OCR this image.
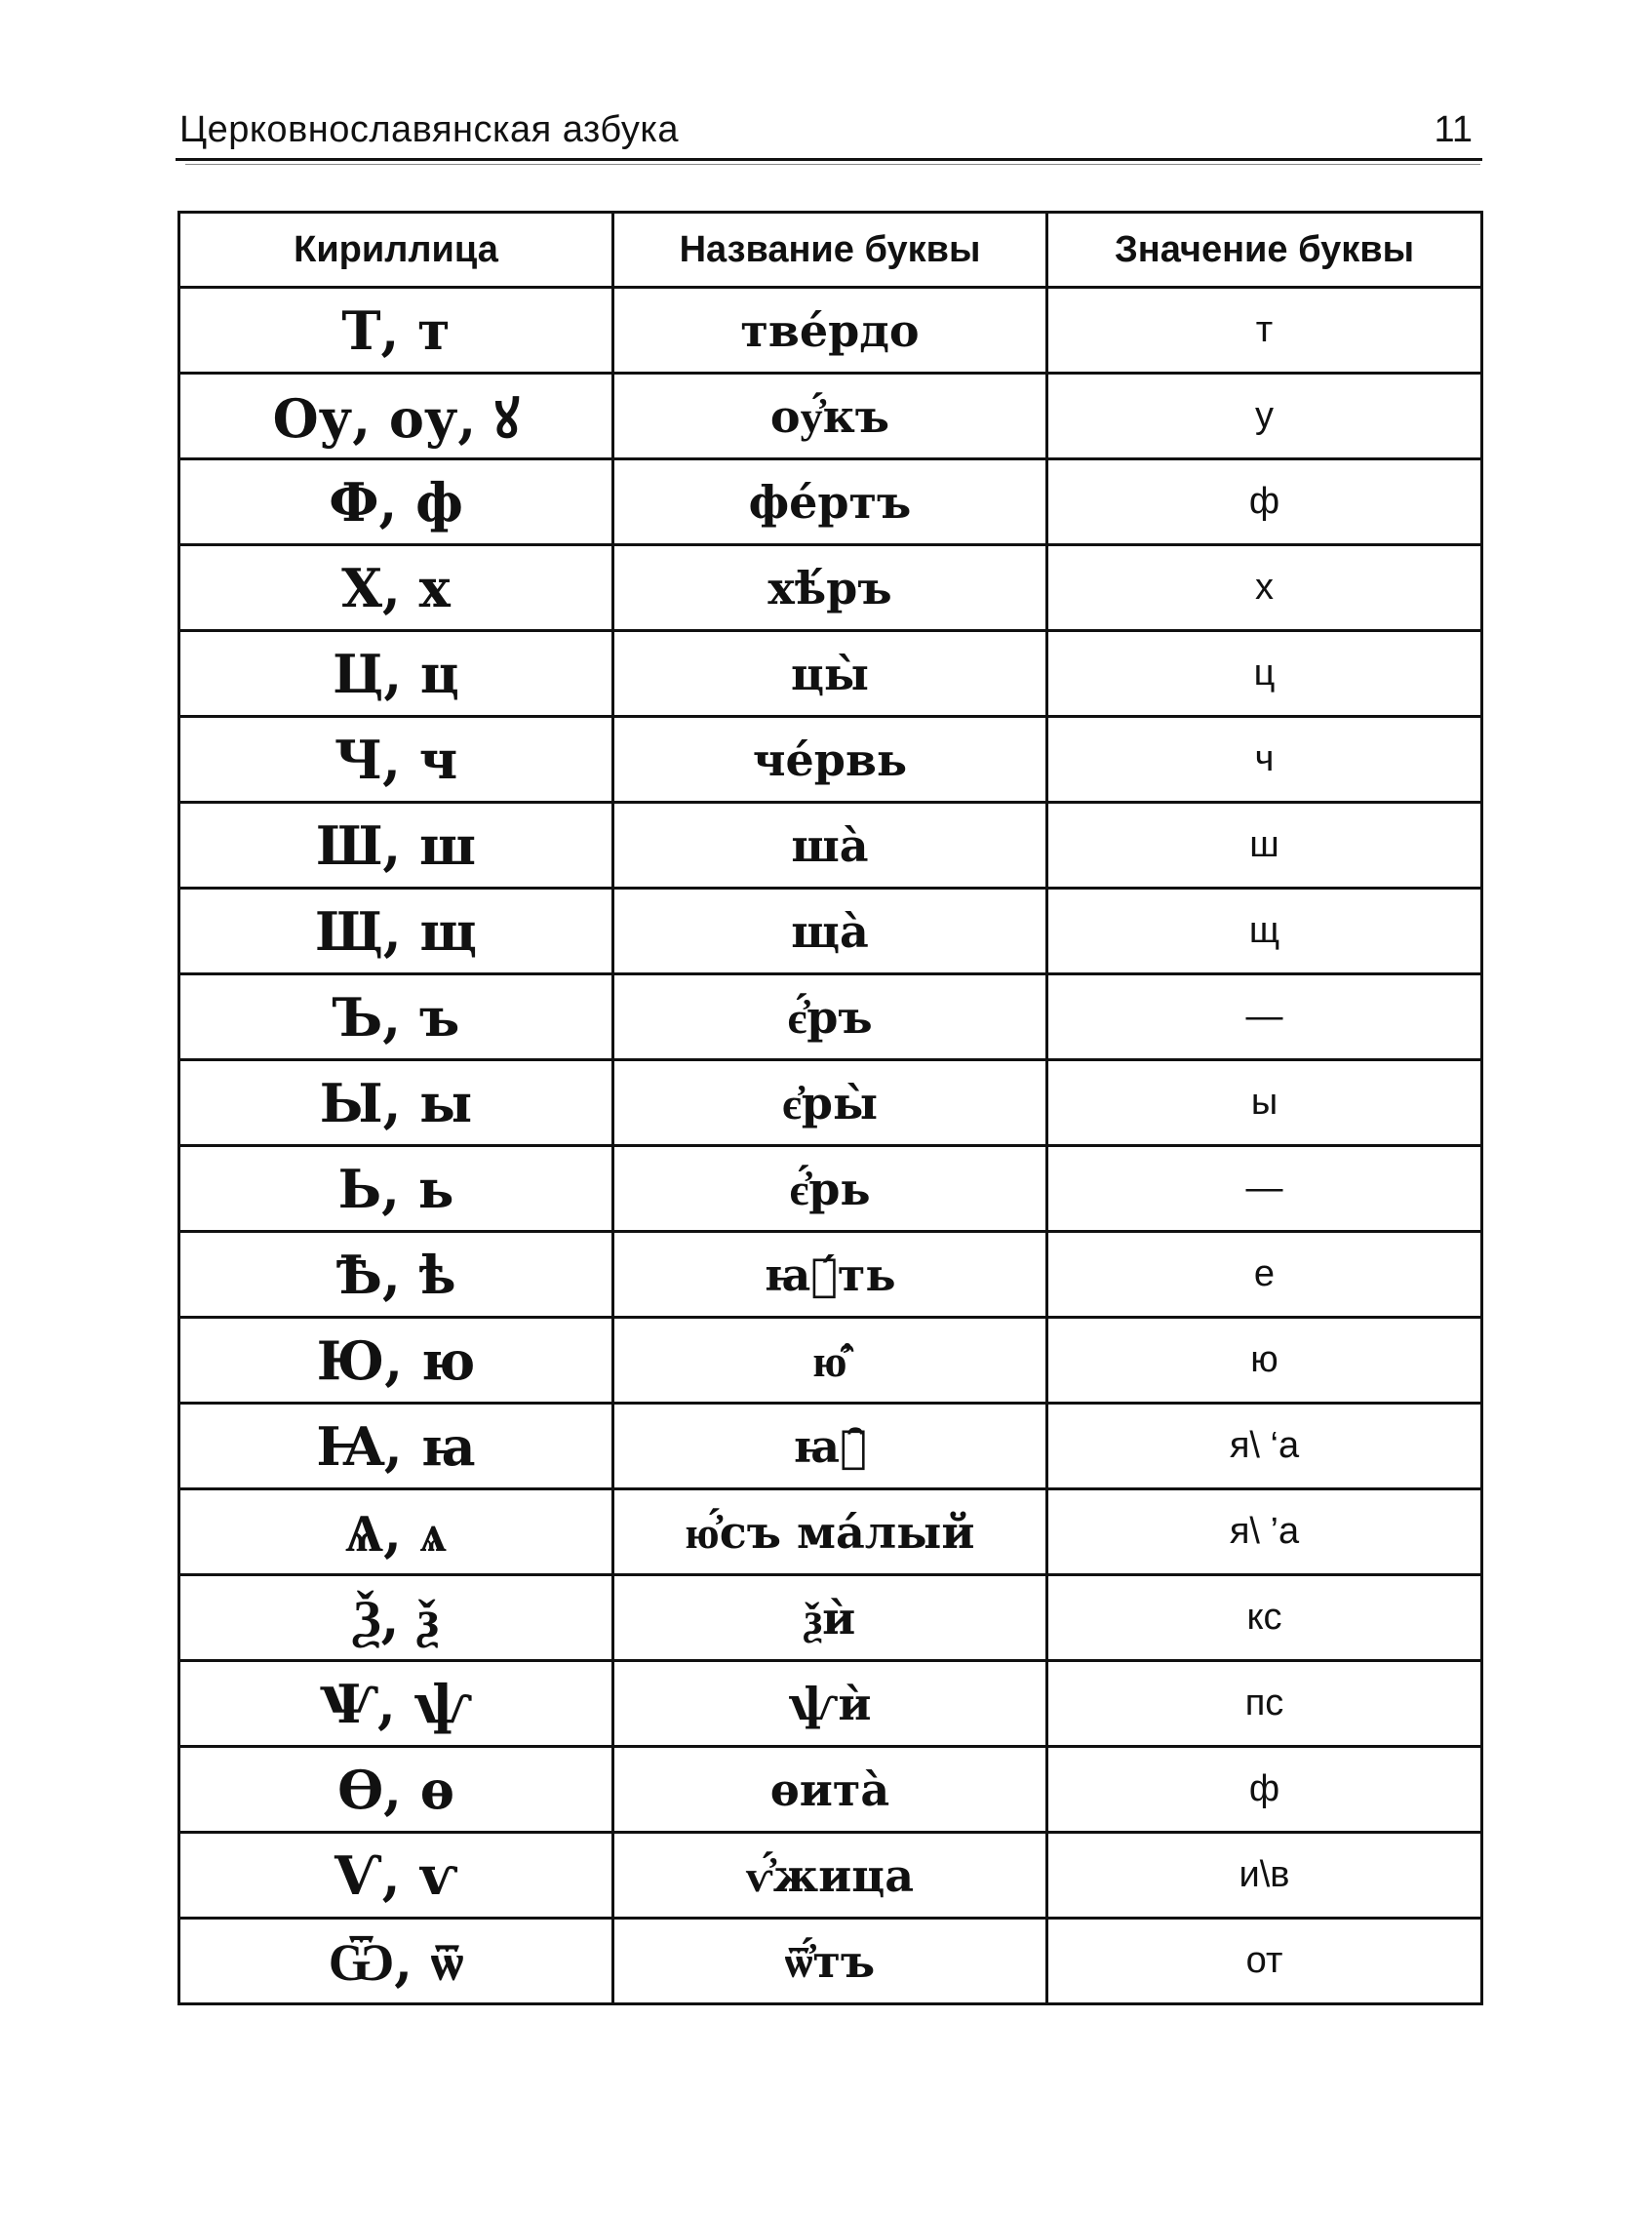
Церковнославянская азбука	11
Кириллица	Название буквы	Значение буквы
Т, т	тве́рдо	т
Оу, оу, ꙋ	оу҆́къ	у
Ф, ф	фе́ртъ	ф
Х, х	хѣ́ръ	х
Ц, ц	цы̀	ц
Ч, ч	че́рвь	ч
Ш, ш	ша̀	ш
Щ, щ	ща̀	щ
Ъ, ъ	є҆́ръ	—
Ы, ы	є҆ры̀	ы
Ь, ь	є҆́рь	—
Ѣ, ѣ	ꙗ҆́ть	е
Ю, ю	ю҆̑	ю
Ꙗ, ꙗ	ꙗ҆̑	я\ ‘а
Ѧ, ѧ	ю҆́съ ма́лый	я\ ’а
Ѯ, ѯ	ѯѝ	кс
Ѱ, ѱ	ѱѝ	пс
Ѳ, ѳ	ѳита̀	ф
Ѵ, ѵ	ѵ҆́жица	и\в
Ѿ, ѿ	ѿ҆́тъ	от
